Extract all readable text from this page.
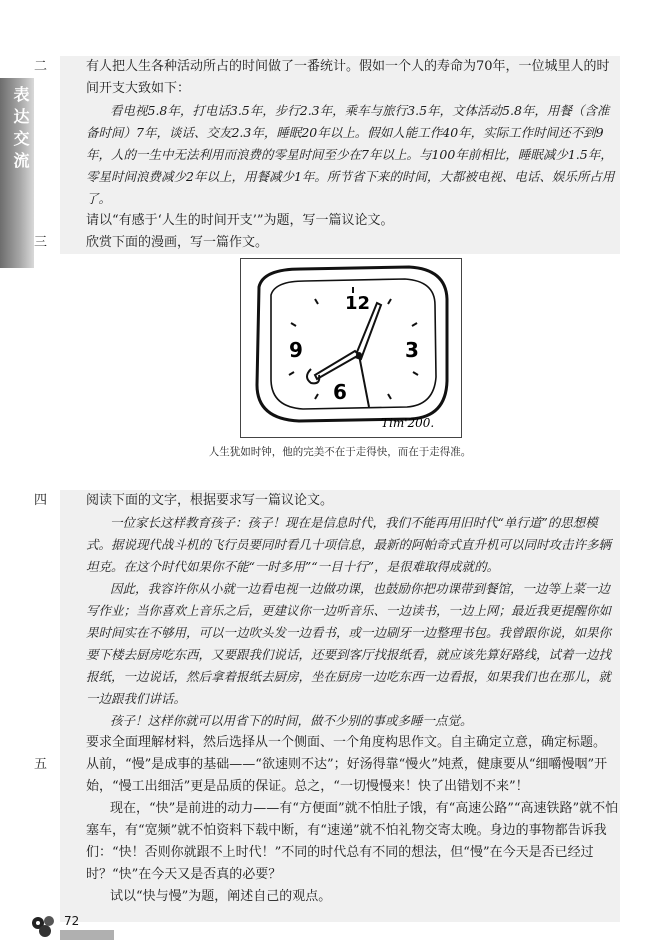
表达交流

二	有人把人生各种活动所占的时间做了一番统计。假如一个人的寿命为70年，一位城里人的时间开支大致如下：

看电视5.8年，打电话3.5年，步行2.3年，乘车与旅行3.5年，文体活动5.8年，用餐（含准备时间）7年，谈话、交友2.3年，睡眠20年以上。假如人能工作40年，实际工作时间还不到9年，人的一生中无法利用而浪费的零星时间至少在7年以上。与100年前相比，睡眠减少1.5年，零星时间浪费减少2年以上，用餐减少1年。所节省下来的时间，大都被电视、电话、娱乐所占用了。

请以“有感于‘人生的时间开支’”为题，写一篇议论文。

三	欣赏下面的漫画，写一篇作文。

12
3
6
9
Tim'200.
人生犹如时钟，他的完美不在于走得快，而在于走得准。

四	阅读下面的文字，根据要求写一篇议论文。

一位家长这样教育孩子：孩子！现在是信息时代，我们不能再用旧时代“单行道”的思想模式。据说现代战斗机的飞行员要同时看几十项信息，最新的阿帕奇式直升机可以同时攻击许多辆坦克。在这个时代如果你不能“一时多用”“一目十行”，是很难取得成就的。

因此，我容许你从小就一边看电视一边做功课，也鼓励你把功课带到餐馆，一边等上菜一边写作业；当你喜欢上音乐之后，更建议你一边听音乐、一边读书，一边上网；最近我更提醒你如果时间实在不够用，可以一边吹头发一边看书，或一边刷牙一边整理书包。我曾跟你说，如果你要下楼去厨房吃东西，又要跟我们说话，还要到客厅找报纸看，就应该先算好路线，试着一边找报纸，一边说话，然后拿着报纸去厨房，坐在厨房一边吃东西一边看报，如果我们也在那儿，就一边跟我们讲话。

孩子！这样你就可以用省下的时间，做不少别的事或多睡一点觉。

要求全面理解材料，然后选择从一个侧面、一个角度构思作文。自主确定立意，确定标题。

五	从前，“慢”是成事的基础——“欲速则不达”；好汤得靠“慢火”炖煮，健康要从“细嚼慢咽”开始，“慢工出细活”更是品质的保证。总之，“一切慢慢来！快了出错划不来”！

现在，“快”是前进的动力——有“方便面”就不怕肚子饿，有“高速公路”“高速铁路”就不怕塞车，有“宽频”就不怕资料下载中断，有“速递”就不怕礼物交寄太晚。身边的事物都告诉我们：“快！否则你就跟不上时代！”不同的时代总有不同的想法，但“慢”在今天是否已经过时？“快”在今天又是否真的必要？

试以“快与慢”为题，阐述自己的观点。

72
